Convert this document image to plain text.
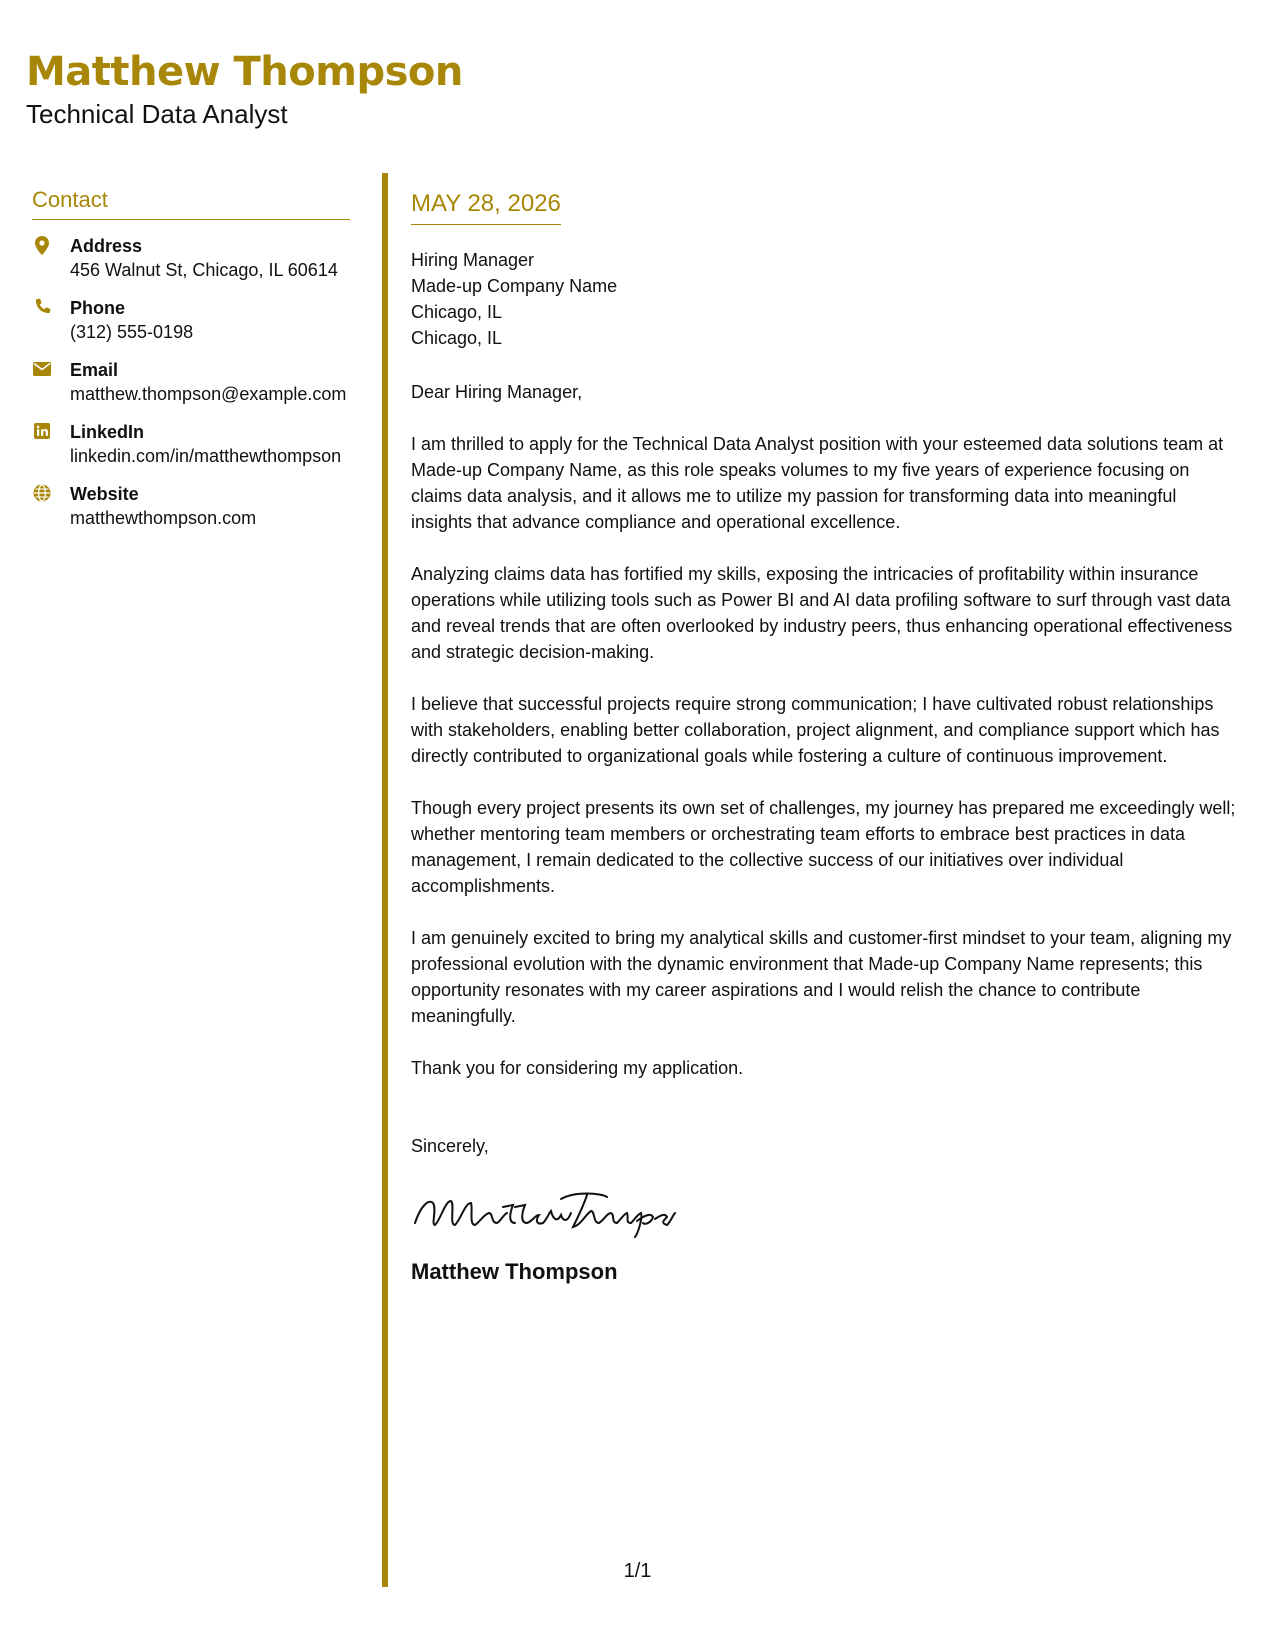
Matthew Thompson
Technical Data Analyst
Contact
Address
456 Walnut St, Chicago, IL 60614
Phone
(312) 555-0198
Email
matthew.thompson@example.com
LinkedIn
linkedin.com/in/matthewthompson
Website
matthewthompson.com
MAY 28, 2026
Hiring Manager
Made-up Company Name
Chicago, IL
Chicago, IL
Dear Hiring Manager,
I am thrilled to apply for the Technical Data Analyst position with your esteemed data solutions team at Made-up Company Name, as this role speaks volumes to my five years of experience focusing on claims data analysis, and it allows me to utilize my passion for transforming data into meaningful insights that advance compliance and operational excellence.
Analyzing claims data has fortified my skills, exposing the intricacies of profitability within insurance operations while utilizing tools such as Power BI and AI data profiling software to surf through vast data and reveal trends that are often overlooked by industry peers, thus enhancing operational effectiveness and strategic decision-making.
I believe that successful projects require strong communication; I have cultivated robust relationships with stakeholders, enabling better collaboration, project alignment, and compliance support which has directly contributed to organizational goals while fostering a culture of continuous improvement.
Though every project presents its own set of challenges, my journey has prepared me exceedingly well; whether mentoring team members or orchestrating team efforts to embrace best practices in data management, I remain dedicated to the collective success of our initiatives over individual accomplishments.
I am genuinely excited to bring my analytical skills and customer-first mindset to your team, aligning my professional evolution with the dynamic environment that Made-up Company Name represents; this opportunity resonates with my career aspirations and I would relish the chance to contribute meaningfully.
Thank you for considering my application.
Sincerely,
Matthew Thompson
1/1
